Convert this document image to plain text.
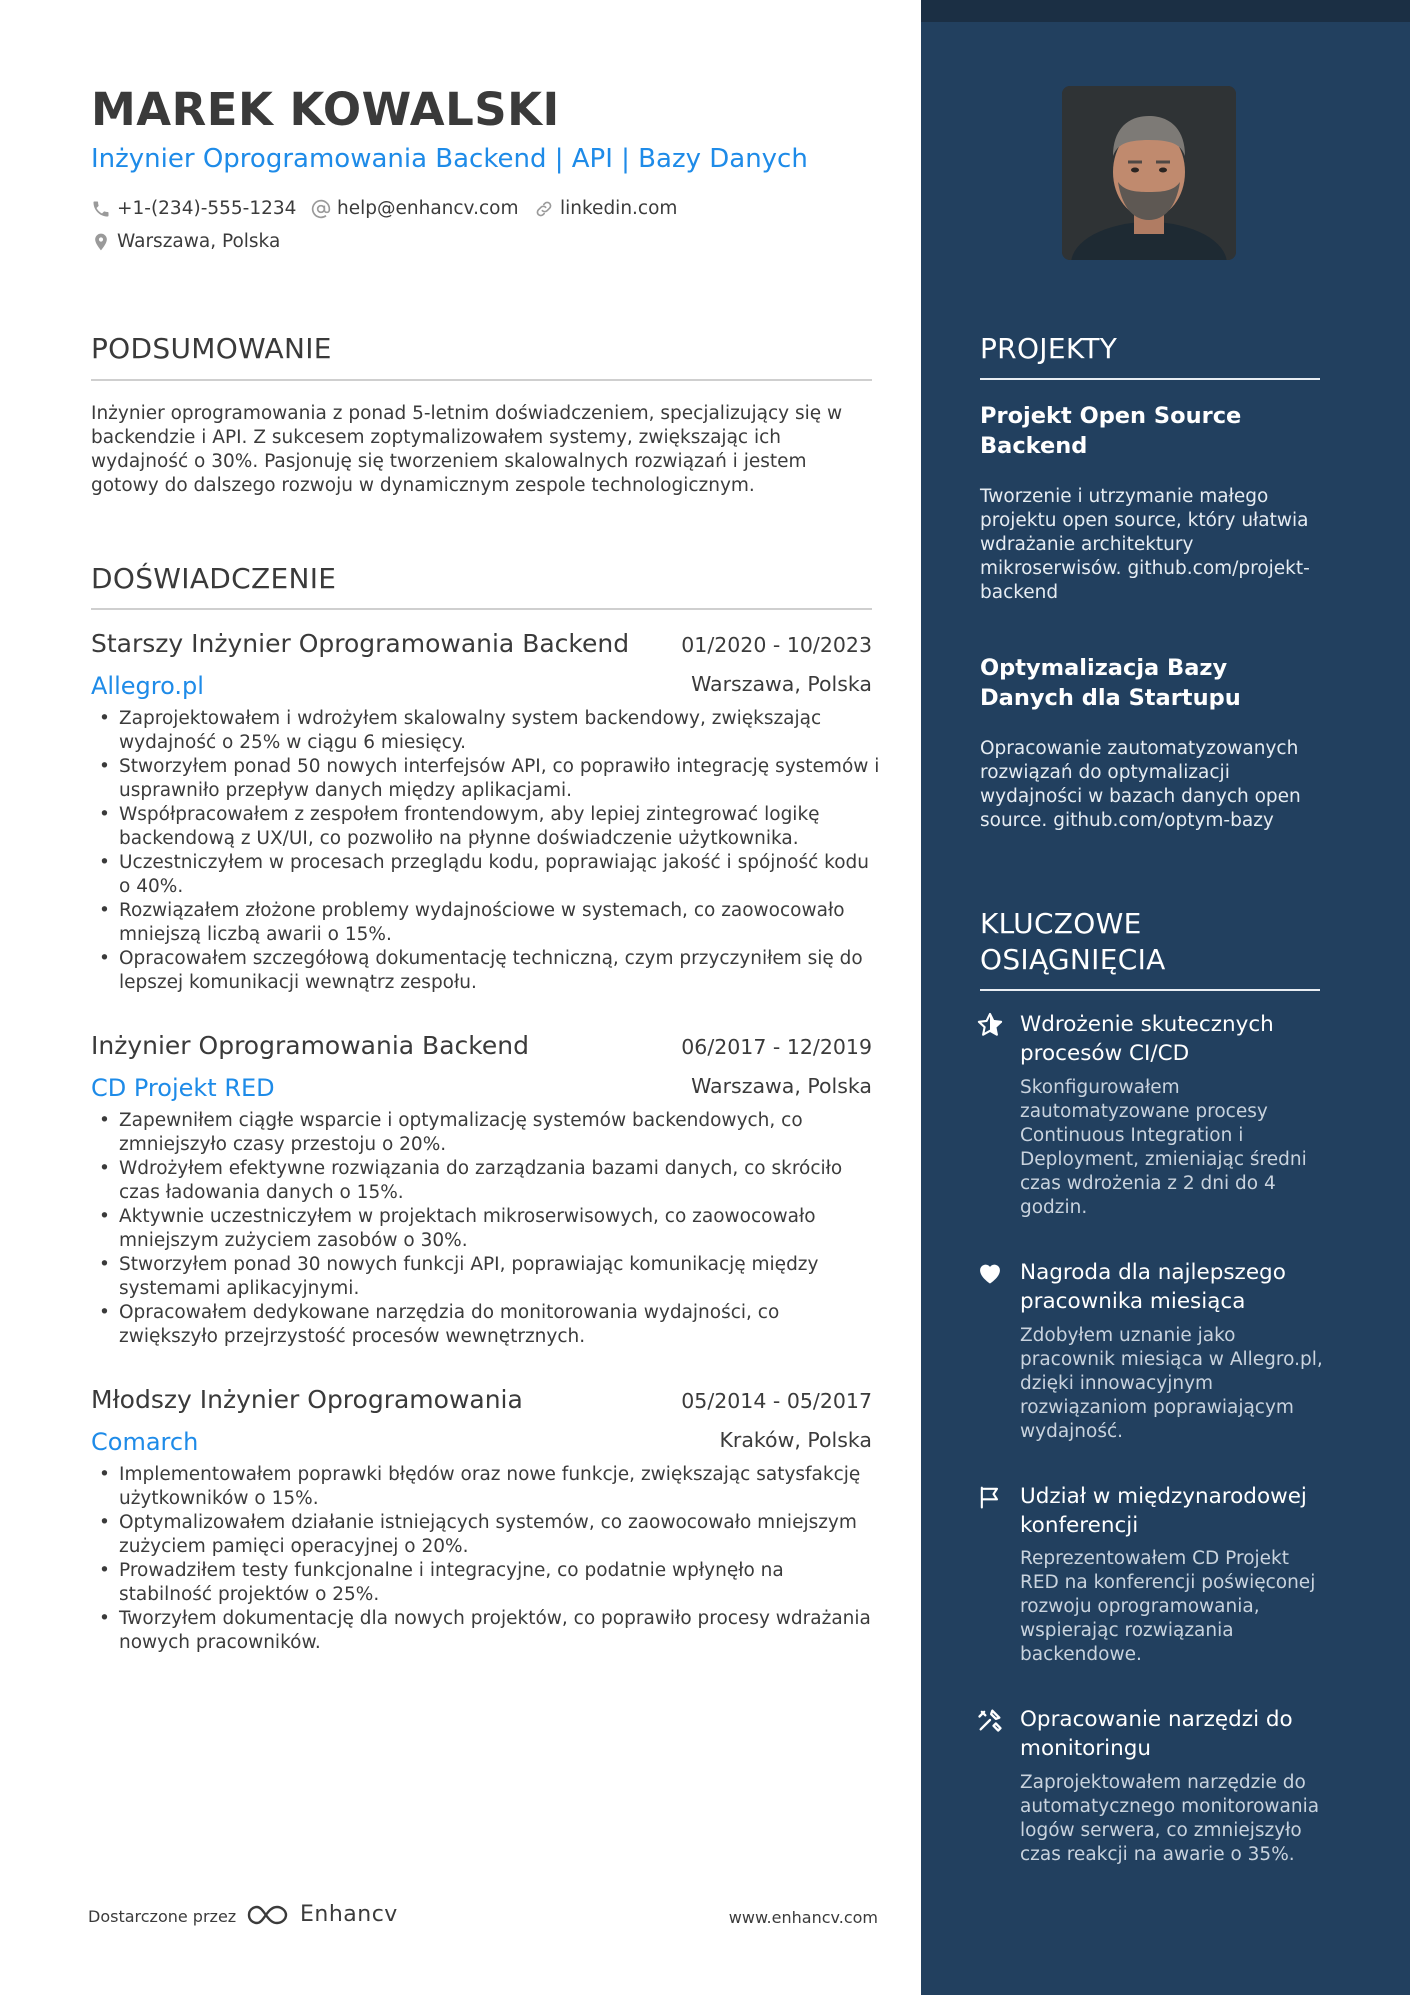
MAREK KOWALSKI
Inżynier Oprogramowania Backend | API | Bazy Danych
+1-(234)-555-1234 help@enhancv.com linkedin.com
Warszawa, Polska
PODSUMOWANIE
Inżynier oprogramowania z ponad 5-letnim doświadczeniem, specjalizujący się w backendzie i API. Z sukcesem zoptymalizowałem systemy, zwiększając ich wydajność o 30%. Pasjonuję się tworzeniem skalowalnych rozwiązań i jestem gotowy do dalszego rozwoju w dynamicznym zespole technologicznym.
DOŚWIADCZENIE
Starszy Inżynier Oprogramowania Backend	01/2020 - 10/2023
Allegro.pl	Warszawa, Polska
• Zaprojektowałem i wdrożyłem skalowalny system backendowy, zwiększając wydajność o 25% w ciągu 6 miesięcy.
• Stworzyłem ponad 50 nowych interfejsów API, co poprawiło integrację systemów i usprawniło przepływ danych między aplikacjami.
• Współpracowałem z zespołem frontendowym, aby lepiej zintegrować logikę backendową z UX/UI, co pozwoliło na płynne doświadczenie użytkownika.
• Uczestniczyłem w procesach przeglądu kodu, poprawiając jakość i spójność kodu o 40%.
• Rozwiązałem złożone problemy wydajnościowe w systemach, co zaowocowało mniejszą liczbą awarii o 15%.
• Opracowałem szczegółową dokumentację techniczną, czym przyczyniłem się do lepszej komunikacji wewnątrz zespołu.
Inżynier Oprogramowania Backend	06/2017 - 12/2019
CD Projekt RED	Warszawa, Polska
• Zapewniłem ciągłe wsparcie i optymalizację systemów backendowych, co zmniejszyło czasy przestoju o 20%.
• Wdrożyłem efektywne rozwiązania do zarządzania bazami danych, co skróciło czas ładowania danych o 15%.
• Aktywnie uczestniczyłem w projektach mikroserwisowych, co zaowocowało mniejszym zużyciem zasobów o 30%.
• Stworzyłem ponad 30 nowych funkcji API, poprawiając komunikację między systemami aplikacyjnymi.
• Opracowałem dedykowane narzędzia do monitorowania wydajności, co zwiększyło przejrzystość procesów wewnętrznych.
Młodszy Inżynier Oprogramowania	05/2014 - 05/2017
Comarch	Kraków, Polska
• Implementowałem poprawki błędów oraz nowe funkcje, zwiększając satysfakcję użytkowników o 15%.
• Optymalizowałem działanie istniejących systemów, co zaowocowało mniejszym zużyciem pamięci operacyjnej o 20%.
• Prowadziłem testy funkcjonalne i integracyjne, co podatnie wpłynęło na stabilność projektów o 25%.
• Tworzyłem dokumentację dla nowych projektów, co poprawiło procesy wdrażania nowych pracowników.
Dostarczone przez	Enhancv	www.enhancv.com
PROJEKTY
Projekt Open Source Backend
Tworzenie i utrzymanie małego projektu open source, który ułatwia wdrażanie architektury mikroserwisów. github.com/projekt-backend
Optymalizacja Bazy Danych dla Startupu
Opracowanie zautomatyzowanych rozwiązań do optymalizacji wydajności w bazach danych open source. github.com/optym-bazy
KLUCZOWE OSIĄGNIĘCIA
Wdrożenie skutecznych procesów CI/CD
Skonfigurowałem zautomatyzowane procesy Continuous Integration i Deployment, zmieniając średni czas wdrożenia z 2 dni do 4 godzin.
Nagroda dla najlepszego pracownika miesiąca
Zdobyłem uznanie jako pracownik miesiąca w Allegro.pl, dzięki innowacyjnym rozwiązaniom poprawiającym wydajność.
Udział w międzynarodowej konferencji
Reprezentowałem CD Projekt RED na konferencji poświęconej rozwoju oprogramowania, wspierając rozwiązania backendowe.
Opracowanie narzędzi do monitoringu
Zaprojektowałem narzędzie do automatycznego monitorowania logów serwera, co zmniejszyło czas reakcji na awarie o 35%.
